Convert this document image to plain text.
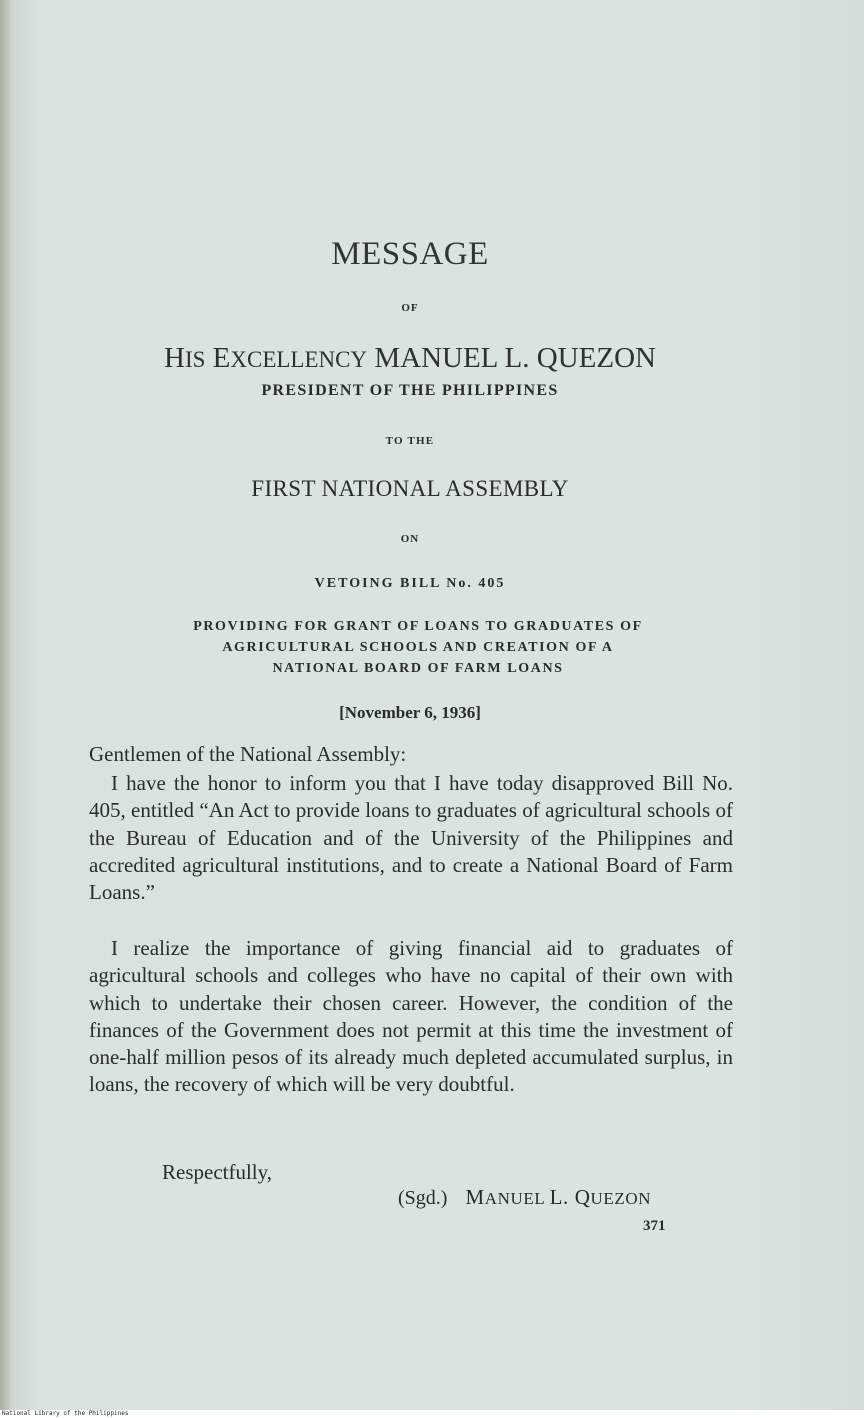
MESSAGE
OF
HIS EXCELLENCY MANUEL L. QUEZON
PRESIDENT OF THE PHILIPPINES
TO THE
FIRST NATIONAL ASSEMBLY
ON
VETOING BILL No. 405
PROVIDING FOR GRANT OF LOANS TO GRADUATES OF
AGRICULTURAL SCHOOLS AND CREATION OF A
NATIONAL BOARD OF FARM LOANS
[November 6, 1936]
Gentlemen of the National Assembly:
I have the honor to inform you that I have today disapproved Bill No. 405, entitled “An Act to provide loans to graduates of agricultural schools of the Bureau of Education and of the University of the Philippines and accredited agricultural institutions, and to create a National Board of Farm Loans.”
I realize the importance of giving financial aid to graduates of agricultural schools and colleges who have no capital of their own with which to undertake their chosen career. However, the condition of the finances of the Government does not permit at this time the investment of one-half million pesos of its already much depleted accumulated surplus, in loans, the recovery of which will be very doubtful.
Respectfully,
(Sgd.) MANUEL L. QUEZON
371
National Library of the Philippines
